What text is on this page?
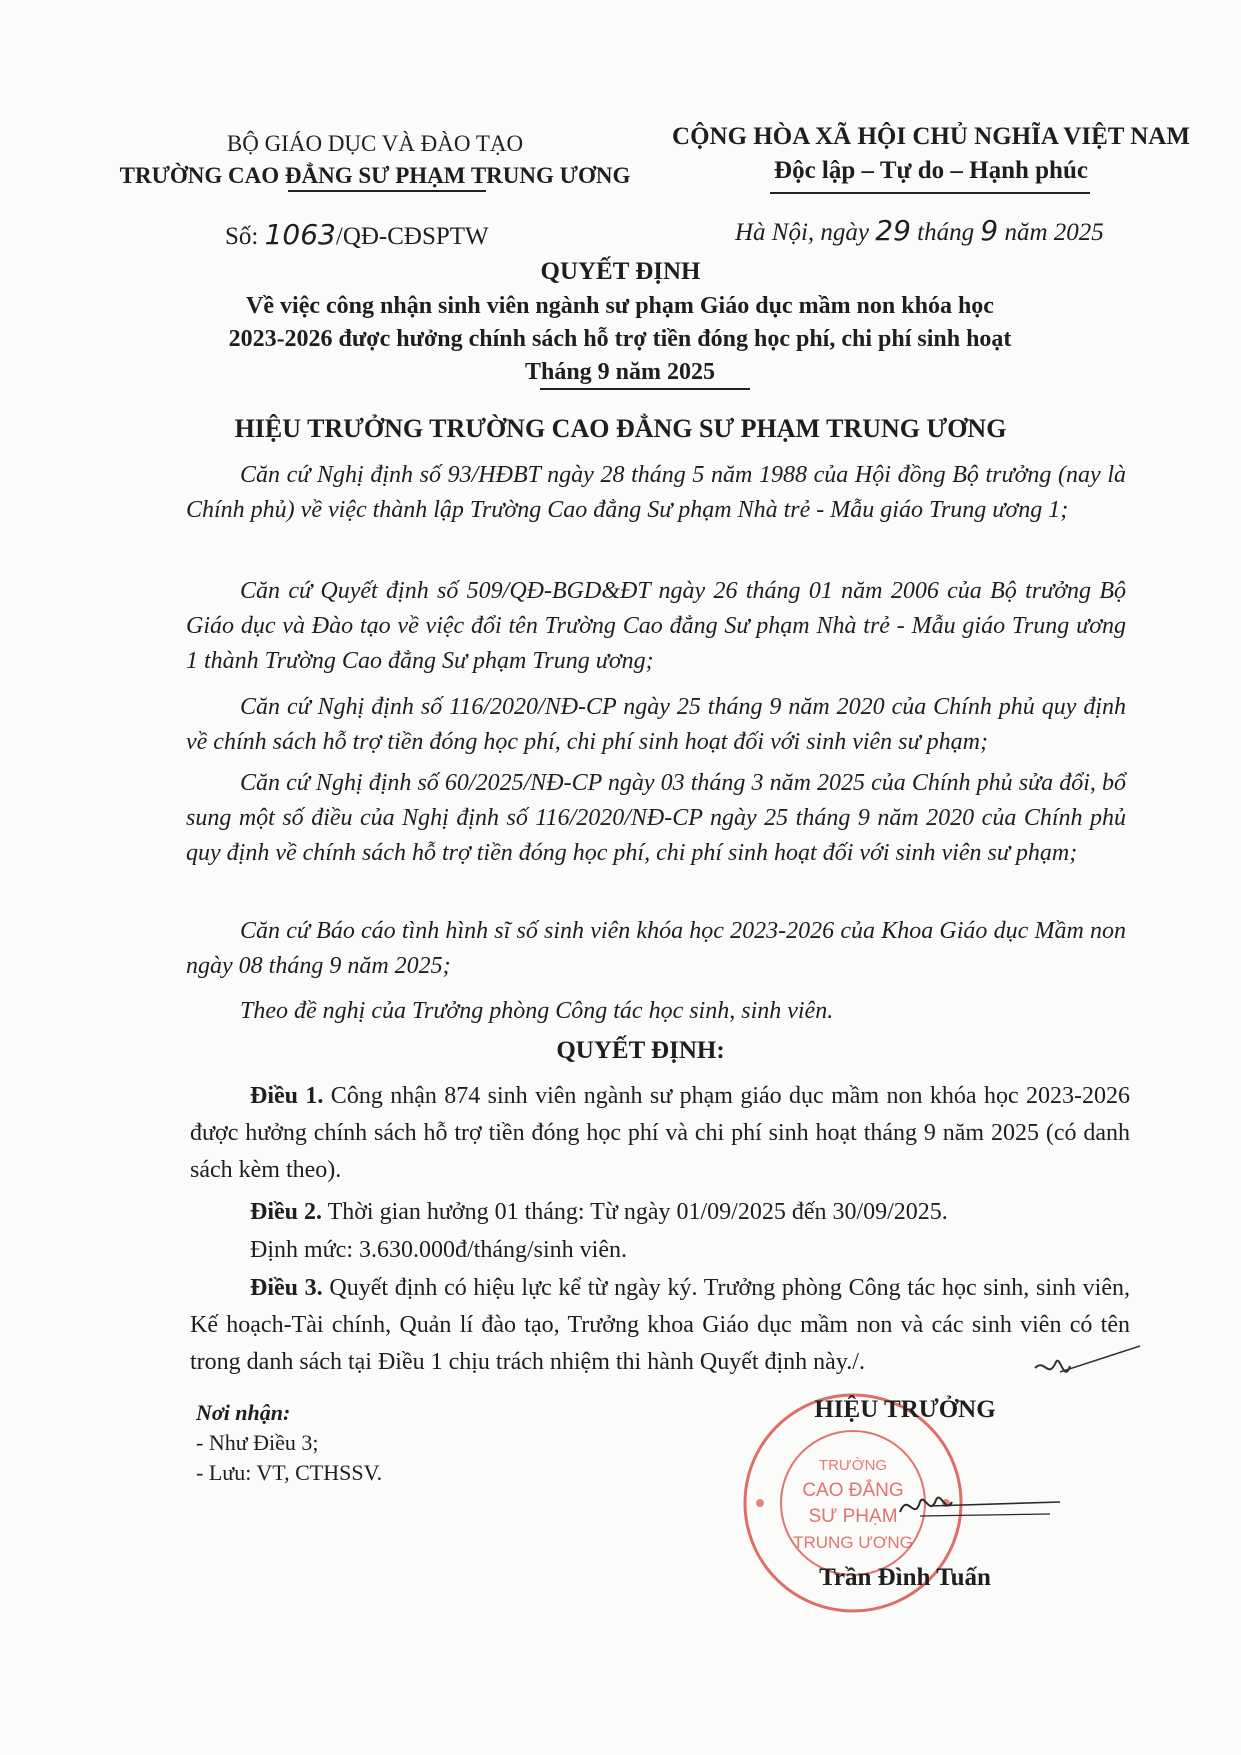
BỘ GIÁO DỤC VÀ ĐÀO TẠO
TRƯỜNG CAO ĐẲNG SƯ PHẠM TRUNG ƯƠNG
CỘNG HÒA XÃ HỘI CHỦ NGHĨA VIỆT NAM
Độc lập – Tự do – Hạnh phúc
Số: 1063/QĐ-CĐSPTW	Hà Nội, ngày 29 tháng 9 năm 2025
QUYẾT ĐỊNH
Về việc công nhận sinh viên ngành sư phạm Giáo dục mầm non khóa học
2023-2026 được hưởng chính sách hỗ trợ tiền đóng học phí, chi phí sinh hoạt
Tháng 9 năm 2025
HIỆU TRƯỞNG TRƯỜNG CAO ĐẲNG SƯ PHẠM TRUNG ƯƠNG
Căn cứ Nghị định số 93/HĐBT ngày 28 tháng 5 năm 1988 của Hội đồng Bộ trưởng (nay là Chính phủ) về việc thành lập Trường Cao đẳng Sư phạm Nhà trẻ - Mẫu giáo Trung ương 1;
Căn cứ Quyết định số 509/QĐ-BGD&ĐT ngày 26 tháng 01 năm 2006 của Bộ trưởng Bộ Giáo dục và Đào tạo về việc đổi tên Trường Cao đẳng Sư phạm Nhà trẻ - Mẫu giáo Trung ương 1 thành Trường Cao đẳng Sư phạm Trung ương;
Căn cứ Nghị định số 116/2020/NĐ-CP ngày 25 tháng 9 năm 2020 của Chính phủ quy định về chính sách hỗ trợ tiền đóng học phí, chi phí sinh hoạt đối với sinh viên sư phạm;
Căn cứ Nghị định số 60/2025/NĐ-CP ngày 03 tháng 3 năm 2025 của Chính phủ sửa đổi, bổ sung một số điều của Nghị định số 116/2020/NĐ-CP ngày 25 tháng 9 năm 2020 của Chính phủ quy định về chính sách hỗ trợ tiền đóng học phí, chi phí sinh hoạt đối với sinh viên sư phạm;
Căn cứ Báo cáo tình hình sĩ số sinh viên khóa học 2023-2026 của Khoa Giáo dục Mầm non ngày 08 tháng 9 năm 2025;
Theo đề nghị của Trưởng phòng Công tác học sinh, sinh viên.
QUYẾT ĐỊNH:
Điều 1. Công nhận 874 sinh viên ngành sư phạm giáo dục mầm non khóa học 2023-2026 được hưởng chính sách hỗ trợ tiền đóng học phí và chi phí sinh hoạt tháng 9 năm 2025 (có danh sách kèm theo).
Điều 2. Thời gian hưởng 01 tháng: Từ ngày 01/09/2025 đến 30/09/2025.
Định mức: 3.630.000đ/tháng/sinh viên.
Điều 3. Quyết định có hiệu lực kể từ ngày ký. Trưởng phòng Công tác học sinh, sinh viên, Kế hoạch-Tài chính, Quản lí đào tạo, Trưởng khoa Giáo dục mầm non và các sinh viên có tên trong danh sách tại Điều 1 chịu trách nhiệm thi hành Quyết định này./.
Nơi nhận:
- Như Điều 3;
- Lưu: VT, CTHSSV.	TRƯỜNG
CAO ĐẲNG
SƯ PHẠM
TRUNG ƯƠNG
HIỆU TRƯỞNG
Trần Đình Tuấn
